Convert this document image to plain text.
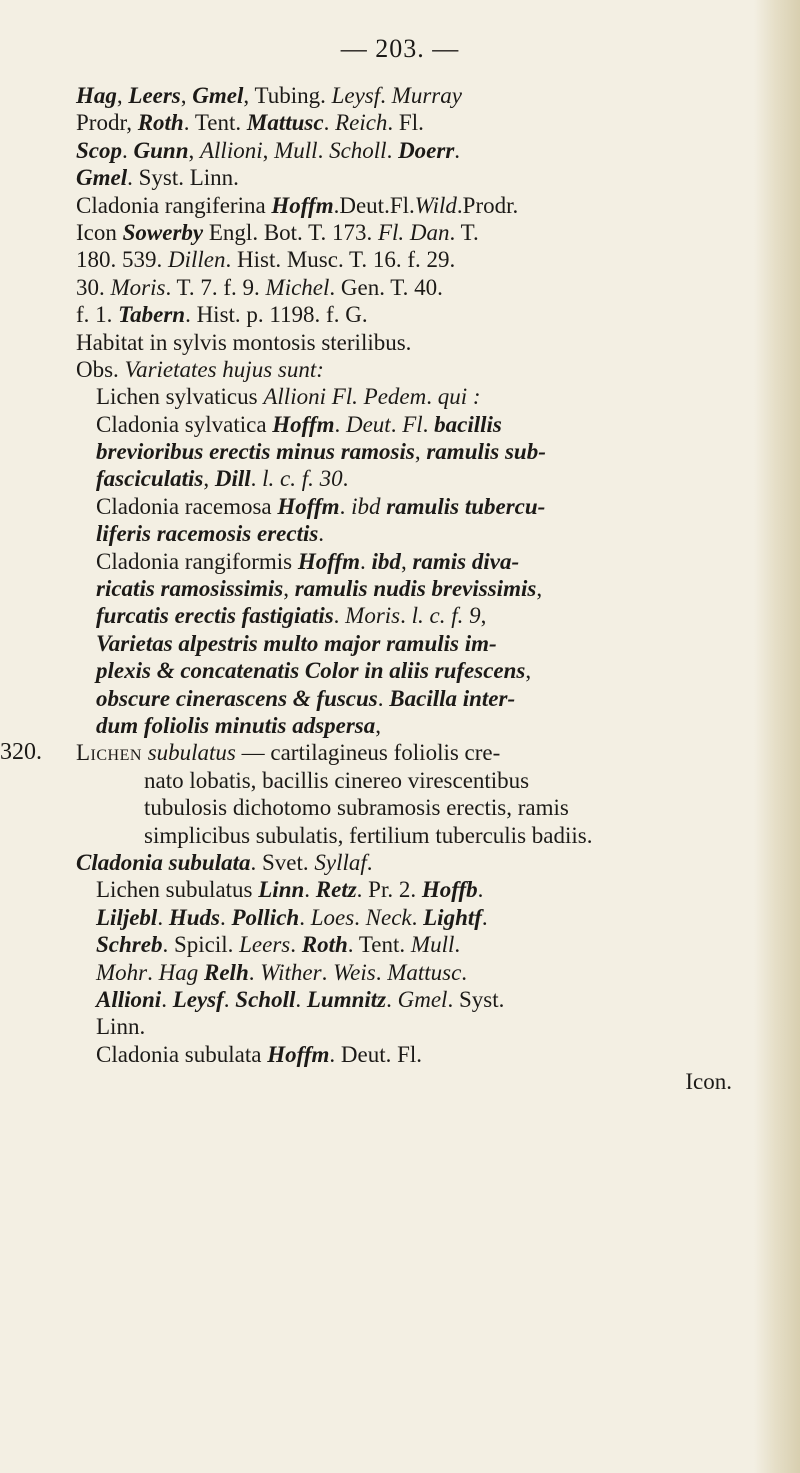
— 203. —
Hag, Leers, Gmel, Tubing. Leysf. Murray
Prodr, Roth. Tent. Mattusc. Reich. Fl.
Scop. Gunn, Allioni, Mull. Scholl. Doerr.
Gmel. Syst. Linn.
Cladonia rangiferina Hoffm.Deut.Fl.Wild.Prodr.
Icon Sowerby Engl. Bot. T. 173. Fl. Dan. T.
180. 539. Dillen. Hist. Musc. T. 16. f. 29.
30. Moris. T. 7. f. 9. Michel. Gen. T. 40.
f. 1. Tabern. Hist. p. 1198. f. G.
Habitat in sylvis montosis sterilibus.
Obs. Varietates hujus sunt:
Lichen sylvaticus Allioni Fl. Pedem. qui :
Cladonia sylvatica Hoffm. Deut. Fl. bacillis
brevioribus erectis minus ramosis, ramulis sub-
fasciculatis, Dill. l. c. f. 30.
Cladonia racemosa Hoffm. ibd ramulis tubercu-
liferis racemosis erectis.
Cladonia rangiformis Hoffm. ibd, ramis diva-
ricatis ramosissimis, ramulis nudis brevissimis,
furcatis erectis fastigiatis. Moris. l. c. f. 9,
Varietas alpestris multo major ramulis im-
plexis & concatenatis Color in aliis rufescens,
obscure cinerascens & fuscus. Bacilla inter-
dum foliolis minutis adspersa,
320. Lichen subulatus — cartilagineus foliolis cre-
nato lobatis, bacillis cinereo virescentibus
tubulosis dichotomo subramosis erectis, ramis
simplicibus subulatis, fertilium tuberculis badiis.
Cladonia subulata. Svet. Syllaf.
Lichen subulatus Linn. Retz. Pr. 2. Hoffb.
Liljebl. Huds. Pollich. Loes. Neck. Lightf.
Schreb. Spicil. Leers. Roth. Tent. Mull.
Mohr. Hag Relh. Wither. Weis. Mattusc.
Allioni. Leysf. Scholl. Lumnitz. Gmel. Syst.
Linn.
Cladonia subulata Hoffm. Deut. Fl.
Icon.
